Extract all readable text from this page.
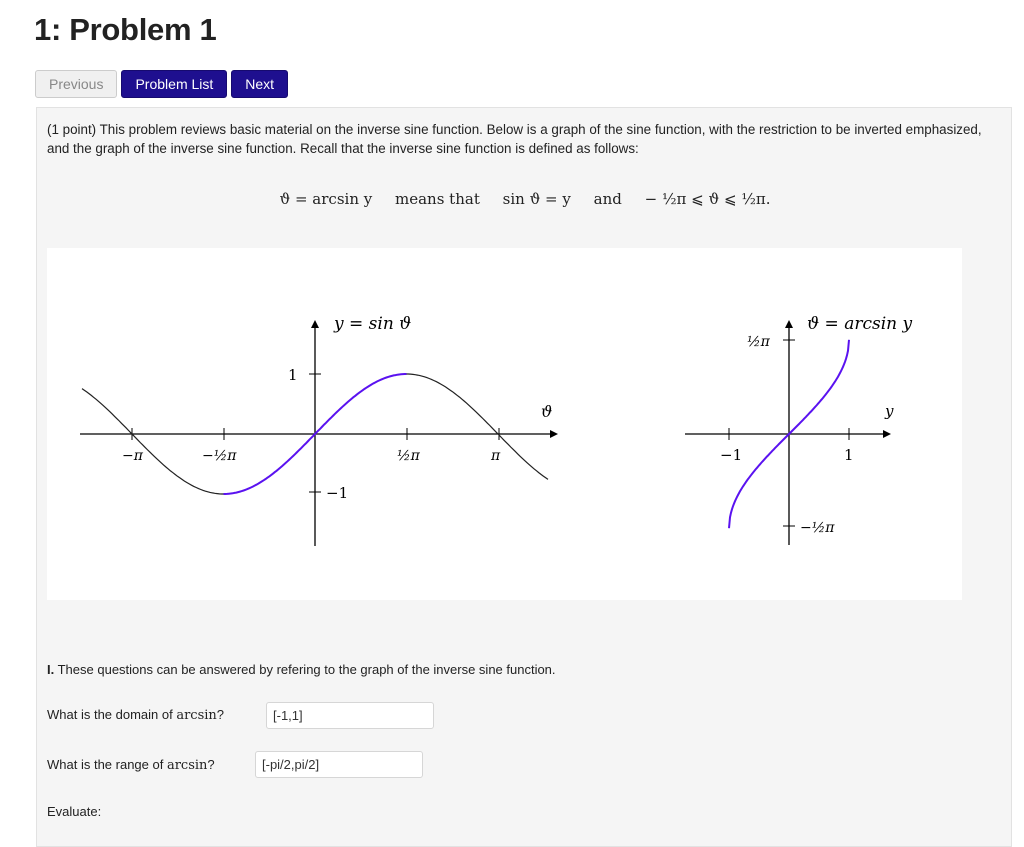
1: Problem 1
Previous	Problem List	Next
(1 point) This problem reviews basic material on the inverse sine function. Below is a graph of the sine function, with the restriction to be inverted emphasized, and the graph of the inverse sine function. Recall that the inverse sine function is defined as follows:
ϑ = arcsin y means that sin ϑ = y and − ½π ⩽ ϑ ⩽ ½π.
y = sin ϑ
ϑ
−π	−½π	½π	π
1
−1
ϑ = arcsin y
y
−1	1
½π
−½π
I. These questions can be answered by refering to the graph of the inverse sine function.
What is the domain of arcsin?
[-1,1]
What is the range of arcsin?
[-pi/2,pi/2]
Evaluate:
